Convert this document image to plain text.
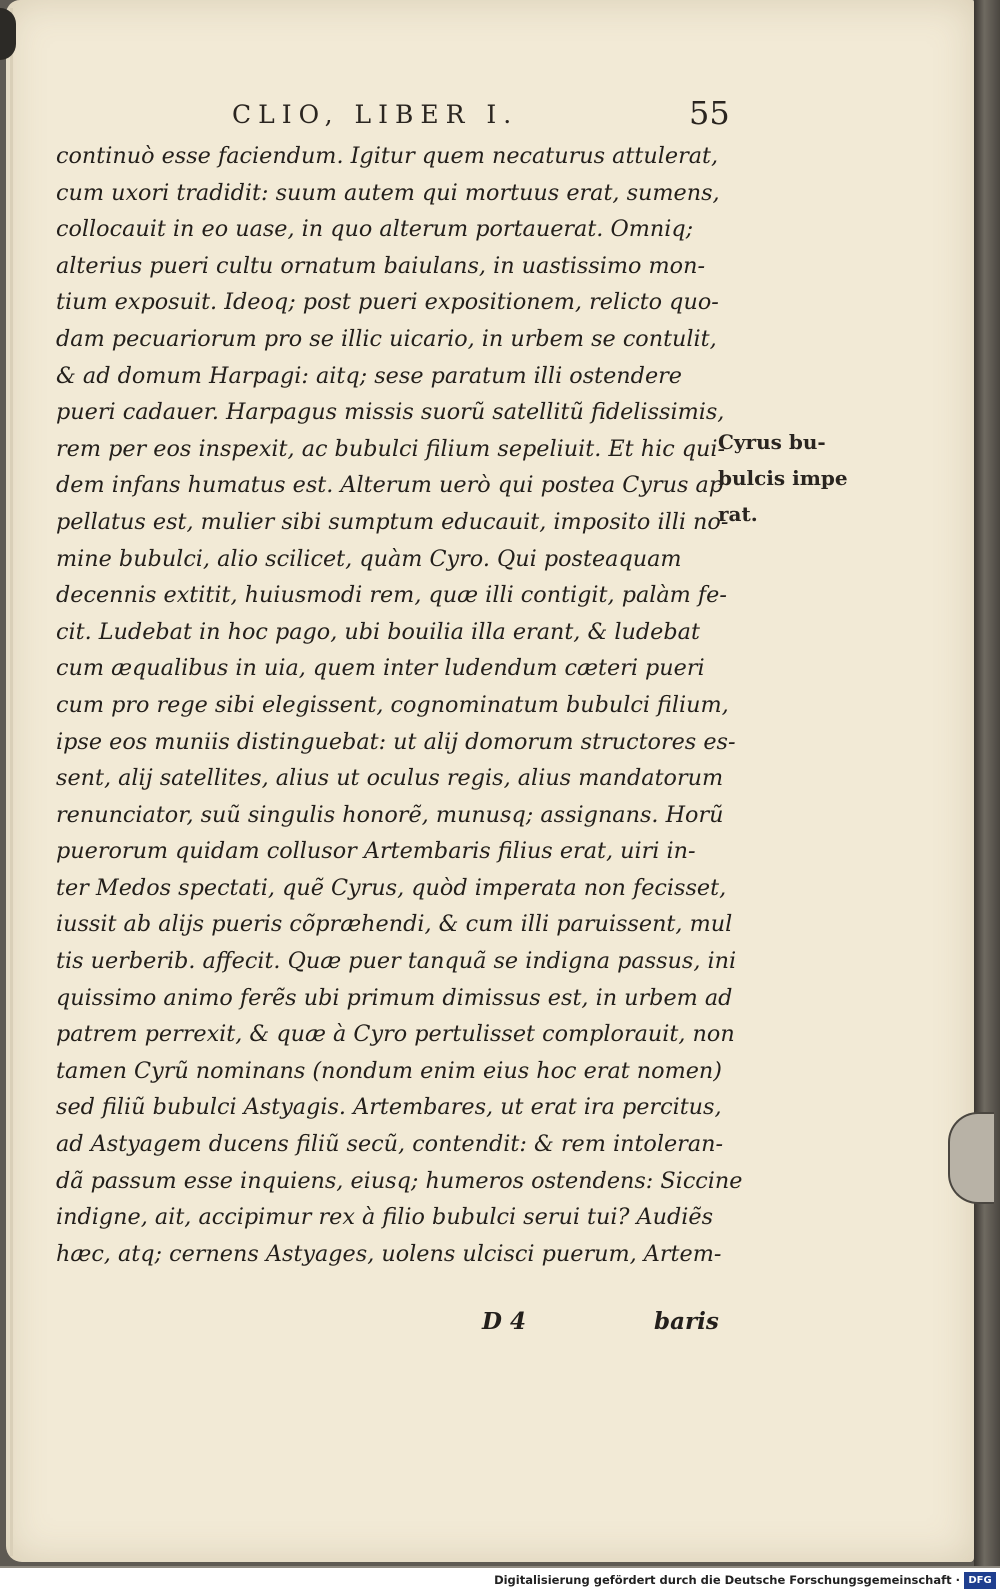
CLIO, LIBER I.	55
continuò esse faciendum. Igitur quem necaturus attulerat,
cum uxori tradidit: suum autem qui mortuus erat, sumens,
collocauit in eo uase, in quo alterum portauerat. Omniq;
alterius pueri cultu ornatum baiulans, in uastissimo mon-
tium exposuit. Ideoq; post pueri expositionem, relicto quo-
dam pecuariorum pro se illic uicario, in urbem se contulit,
& ad domum Harpagi: aitq; sese paratum illi ostendere
pueri cadauer. Harpagus missis suorũ satellitũ fidelissimis,
rem per eos inspexit, ac bubulci filium sepeliuit. Et hic qui-
dem infans humatus est. Alterum uerò qui postea Cyrus ap
pellatus est, mulier sibi sumptum educauit, imposito illi no-
mine bubulci, alio scilicet, quàm Cyro. Qui posteaquam
decennis extitit, huiusmodi rem, quæ illi contigit, palàm fe-
cit. Ludebat in hoc pago, ubi bouilia illa erant, & ludebat
cum æqualibus in uia, quem inter ludendum cæteri pueri
cum pro rege sibi elegissent, cognominatum bubulci filium,
ipse eos muniis distinguebat: ut alij domorum structores es-
sent, alij satellites, alius ut oculus regis, alius mandatorum
renunciator, suũ singulis honorẽ, munusq; assignans. Horũ
puerorum quidam collusor Artembaris filius erat, uiri in-
ter Medos spectati, quẽ Cyrus, quòd imperata non fecisset,
iussit ab alijs pueris cõpræhendi, & cum illi paruissent, mul
tis uerberib. affecit. Quæ puer tanquã se indigna passus, ini
quissimo animo ferẽs ubi primum dimissus est, in urbem ad
patrem perrexit, & quæ à Cyro pertulisset complorauit, non
tamen Cyrũ nominans (nondum enim eius hoc erat nomen)
sed filiũ bubulci Astyagis. Artembares, ut erat ira percitus,
ad Astyagem ducens filiũ secũ, contendit: & rem intoleran-
dã passum esse inquiens, eiusq; humeros ostendens: Siccine
indigne, ait, accipimur rex à filio bubulci serui tui? Audiẽs
hæc, atq; cernens Astyages, uolens ulcisci puerum, Artem-
Cyrus bu-
bulcis impe
rat.
D 4	baris
Digitalisierung gefördert durch die Deutsche Forschungsgemeinschaft · DFG
